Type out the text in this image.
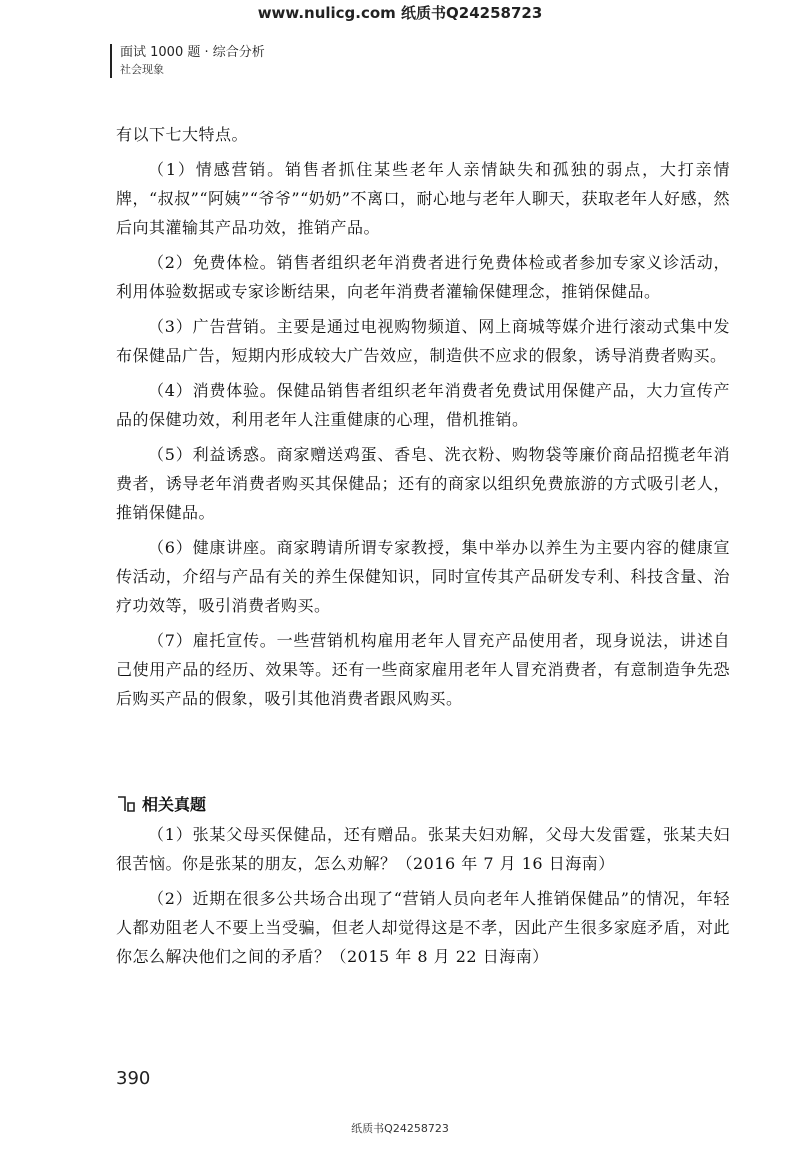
www.nulicg.com 纸质书Q24258723
面试 1000 题 · 综合分析
社会现象

有以下七大特点。

（1）情感营销。销售者抓住某些老年人亲情缺失和孤独的弱点，大打亲情牌，“叔叔”“阿姨”“爷爷”“奶奶”不离口，耐心地与老年人聊天，获取老年人好感，然后向其灌输其产品功效，推销产品。

（2）免费体检。销售者组织老年消费者进行免费体检或者参加专家义诊活动，利用体验数据或专家诊断结果，向老年消费者灌输保健理念，推销保健品。

（3）广告营销。主要是通过电视购物频道、网上商城等媒介进行滚动式集中发布保健品广告，短期内形成较大广告效应，制造供不应求的假象，诱导消费者购买。

（4）消费体验。保健品销售者组织老年消费者免费试用保健产品，大力宣传产品的保健功效，利用老年人注重健康的心理，借机推销。

（5）利益诱惑。商家赠送鸡蛋、香皂、洗衣粉、购物袋等廉价商品招揽老年消费者，诱导老年消费者购买其保健品；还有的商家以组织免费旅游的方式吸引老人，推销保健品。

（6）健康讲座。商家聘请所谓专家教授，集中举办以养生为主要内容的健康宣传活动，介绍与产品有关的养生保健知识，同时宣传其产品研发专利、科技含量、治疗功效等，吸引消费者购买。

（7）雇托宣传。一些营销机构雇用老年人冒充产品使用者，现身说法，讲述自己使用产品的经历、效果等。还有一些商家雇用老年人冒充消费者，有意制造争先恐后购买产品的假象，吸引其他消费者跟风购买。

相关真题

（1）张某父母买保健品，还有赠品。张某夫妇劝解，父母大发雷霆，张某夫妇很苦恼。你是张某的朋友，怎么劝解？（2016 年 7 月 16 日海南）

（2）近期在很多公共场合出现了“营销人员向老年人推销保健品”的情况，年轻人都劝阻老人不要上当受骗，但老人却觉得这是不孝，因此产生很多家庭矛盾，对此你怎么解决他们之间的矛盾？（2015 年 8 月 22 日海南）

390
纸质书Q24258723
